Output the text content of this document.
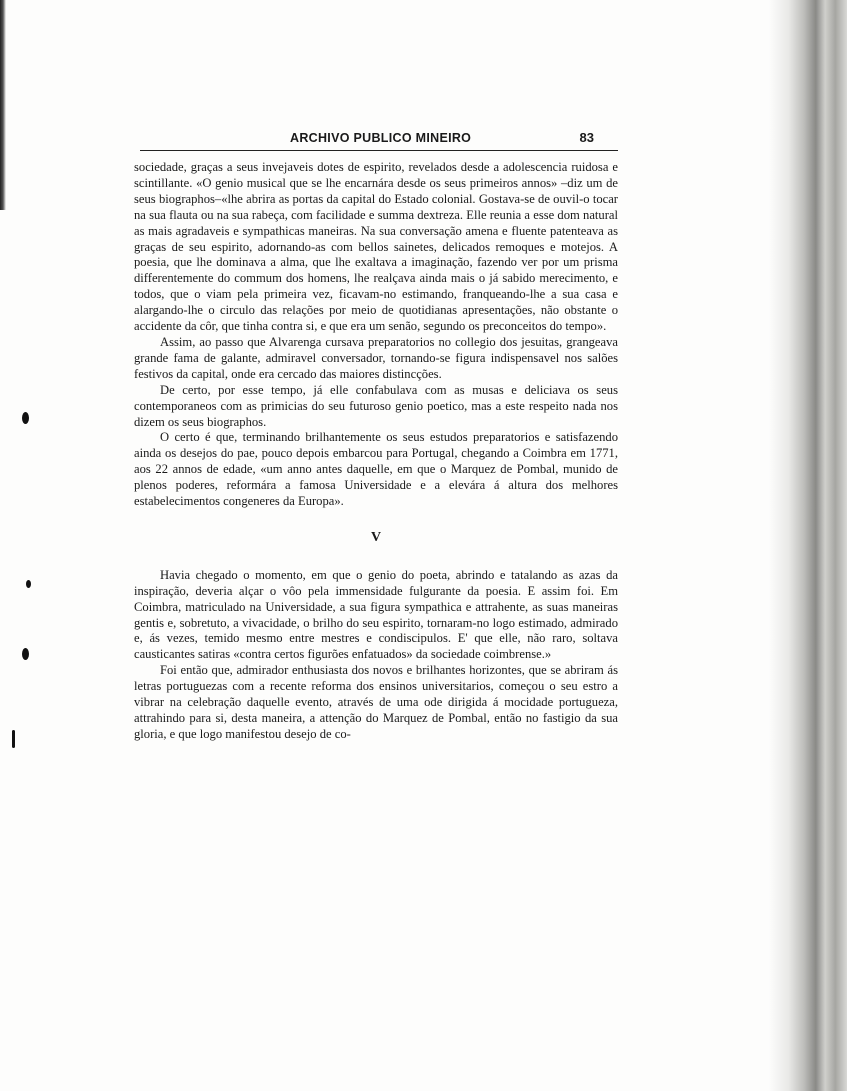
ARCHIVO PUBLICO MINEIRO	83

sociedade, graças a seus invejaveis dotes de espirito, revelados desde a adolescencia ruidosa e scintillante. «O genio musical que se lhe encarnára desde os seus primeiros annos» –diz um de seus biographos–«lhe abrira as portas da capital do Estado colonial. Gostava-se de ouvil-o tocar na sua flauta ou na sua rabeça, com facilidade e summa dextreza. Elle reunia a esse dom natural as mais agradaveis e sympathicas maneiras. Na sua conversação amena e fluente patenteava as graças de seu espirito, adornando-as com bellos sainetes, delicados remoques e motejos. A poesia, que lhe dominava a alma, que lhe exaltava a imaginação, fazendo ver por um prisma differentemente do commum dos homens, lhe realçava ainda mais o já sabido merecimento, e todos, que o viam pela primeira vez, ficavam-no estimando, franqueando-lhe a sua casa e alargando-lhe o circulo das relações por meio de quotidianas apresentações, não obstante o accidente da côr, que tinha contra si, e que era um senão, segundo os preconceitos do tempo».

Assim, ao passo que Alvarenga cursava preparatorios no collegio dos jesuitas, grangeava grande fama de galante, admiravel conversador, tornando-se figura indispensavel nos salões festivos da capital, onde era cercado das maiores distincções.

De certo, por esse tempo, já elle confabulava com as musas e deliciava os seus contemporaneos com as primicias do seu futuroso genio poetico, mas a este respeito nada nos dizem os seus biographos.

O certo é que, terminando brilhantemente os seus estudos preparatorios e satisfazendo ainda os desejos do pae, pouco depois embarcou para Portugal, chegando a Coimbra em 1771, aos 22 annos de edade, «um anno antes daquelle, em que o Marquez de Pombal, munido de plenos poderes, reformára a famosa Universidade e a elevára á altura dos melhores estabelecimentos congeneres da Europa».

V

Havia chegado o momento, em que o genio do poeta, abrindo e tatalando as azas da inspiração, deveria alçar o vôo pela immensidade fulgurante da poesia. E assim foi. Em Coimbra, matriculado na Universidade, a sua figura sympathica e attrahente, as suas maneiras gentis e, sobretuto, a vivacidade, o brilho do seu espirito, tornaram-no logo estimado, admirado e, ás vezes, temido mesmo entre mestres e condiscipulos. E' que elle, não raro, soltava causticantes satiras «contra certos figurões enfatuados» da sociedade coimbrense.»

Foi então que, admirador enthusiasta dos novos e brilhantes horizontes, que se abriram ás letras portuguezas com a recente reforma dos ensinos universitarios, começou o seu estro a vibrar na celebração daquelle evento, através de uma ode dirigida á mocidade portugueza, attrahindo para si, desta maneira, a attenção do Marquez de Pombal, então no fastigio da sua gloria, e que logo manifestou desejo de co-
